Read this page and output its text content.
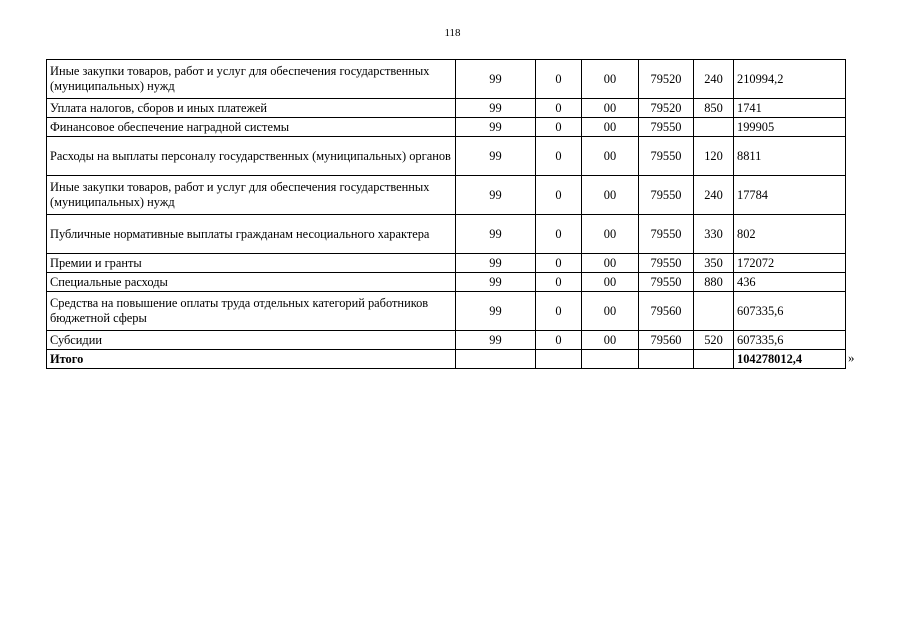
118
Иные закупки товаров, работ и услуг для обеспечения государственных (муниципальных) нужд	99	0	00	79520	240	210994,2
Уплата налогов, сборов и иных платежей	99	0	00	79520	850	1741
Финансовое обеспечение наградной системы	99	0	00	79550		199905
Расходы на выплаты персоналу государственных (муниципальных) органов	99	0	00	79550	120	8811
Иные закупки товаров, работ и услуг для обеспечения государственных (муниципальных) нужд	99	0	00	79550	240	17784
Публичные нормативные выплаты гражданам несоциального характера	99	0	00	79550	330	802
Премии и гранты	99	0	00	79550	350	172072
Специальные расходы	99	0	00	79550	880	436
Средства на повышение оплаты труда отдельных категорий работников бюджетной сферы	99	0	00	79560		607335,6
Субсидии	99	0	00	79560	520	607335,6
Итого						104278012,4	»
